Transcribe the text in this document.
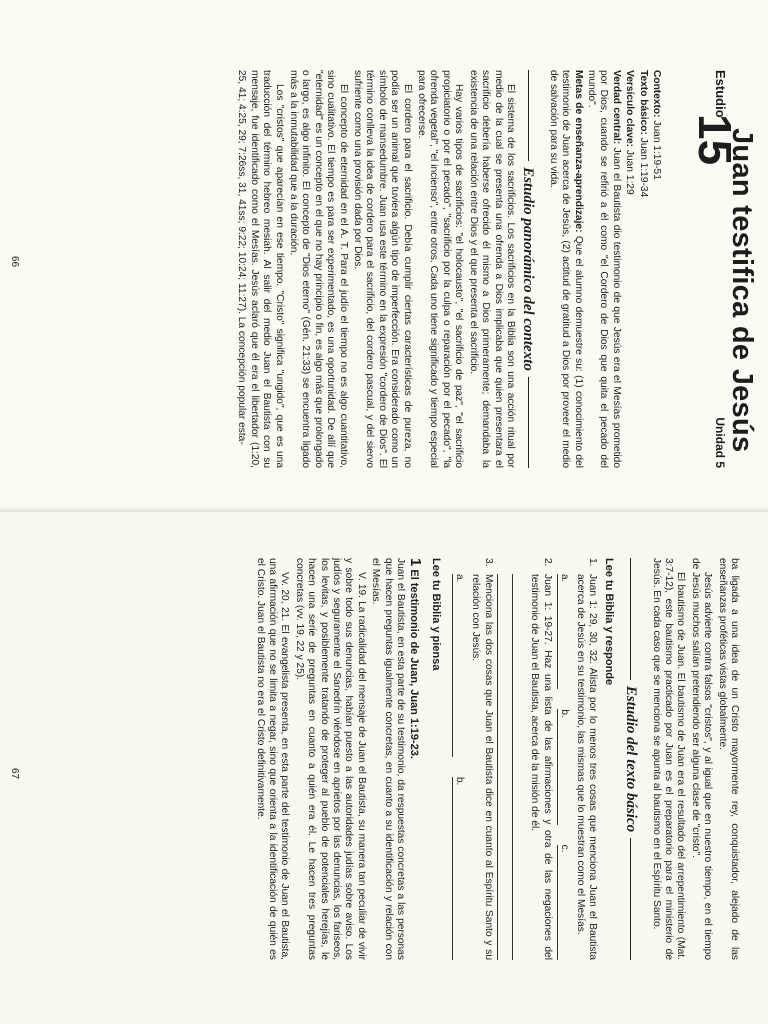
Estudio
15
Unidad 5 Juan testifica de Jesús

Contexto: Juan 1:19-51

Texto básico: Juan 1:19-34

Versículo clave: Juan 1:29

Verdad central: Juan el Bautista dio testimonio de que Jesús era el Mesías prometido por Dios, cuando se refirió a él como "el Cordero de Dios que quita el pecado del mundo".

Metas de enseñanza-aprendizaje: Que el alumno demuestre su: (1) conocimiento del testimonio de Juan acerca de Jesús, (2) actitud de gratitud a Dios por proveer el medio de salvación para su vida.

Estudio panorámico del contexto

El sistema de los sacrificios. Los sacrificios en la Biblia son una acción ritual por medio de la cual se presenta una ofrenda a Dios implicaba que quien presentara el sacrificio debería haberse ofrecido él mismo a Dios primeramente; demandaba la existencia de una relación entre Dios y el que presenta el sacrificio.

Hay varios tipos de sacrificios: "el holocausto", "el sacrificio de paz", "el sacrificio propiciatorio o por el pecado", "sacrificio por la culpa o reparación por el pecado", "la ofrenda vegetal", "el incienso", entre otros. Cada uno tiene significado y tiempo especial para ofrecerse.

El cordero para el sacrificio. Debía cumplir ciertas características de pureza, no podía ser un animal que tuviera algún tipo de imperfección. Era considerado como un símbolo de mansedumbre. Juan usa este término en la expresión "cordero de Dios". El término conlleva la idea de cordero para el sacrificio, del cordero pascual, y del siervo sufriente como una provisión dada por Dios.

El concepto de eternidad en el A. T. Para el judío el tiempo no es algo cuantitativo, sino cualitativo. El tiempo es para ser experimentado, es una oportunidad. De allí que "eternidad" es un concepto en el que no hay principio o fin, es algo más que prolongado o largo, es algo infinito. El concepto de "Dios eterno" (Gén. 21:33) se encuentra ligado más a la inmutabilidad que a la duración.

Los "cristos" que aparecían en ese tiempo. "Cristo" significa "ungido", que es una traducción del término hebreo mesiah. Al salir del medio Juan el Bautista con su mensaje, fue identificado como el Mesías. Jesús aclaró que él era el libertador (1:20, 25, 41; 4:25, 29; 7:26ss, 31, 41ss; 9:22; 10:24; 11:27). La concepción popular esta-

66

ba ligada a una idea de un Cristo mayormente rey, conquistador, alejado de las enseñanzas proféticas vistas globalmente.

Jesús advierte contra falsos "cristos", y al igual que en nuestro tiempo, en el tiempo de Jesús muchos salían pretendiendo ser alguna clase de "cristo".

El bautismo de Juan. El bautismo de Juan era el resultado del arrepentimiento (Mat. 3:7-12), este bautismo practicado por Juan es el preparatorio para el ministerio de Jesús. En cada caso que se menciona se apunta al bautismo en el Espíritu Santo.

Estudio del texto básico
Lee tu Biblia y responde
1.
Juan 1: 29, 30, 32. Alista por lo menos tres cosas que menciona Juan el Bautista acerca de Jesús en su testimonio, las mismas que lo muestran como el Mesías.
a.
b.
c.
2.
Juan 1: 19-27. Haz una lista de las afirmaciones y otra de las negaciones del testimonio de Juan el Bautista, acerca de la misión de él.
3.
Menciona las dos cosas que Juan el Bautista dice en cuanto al Espíritu Santo y su relación con Jesús.
a.
b.
Lee tu Biblia y piensa
1 El testimonio de Juan, Juan 1:19-23.

Juan el Bautista, en esta parte de su testimonio, da respuestas concretas a las personas que hacen preguntas igualmente concretas, en cuanto a su identificación y relación con el Mesías.

V. 19. La radicalidad del mensaje de Juan el Bautista, su manera tan peculiar de vivir y sobre todo sus denuncias, habían puesto a las autoridades judías sobre aviso. Los judíos y seguramente el Sanedrín viéndose en aprietos por las denuncias, los fariseos, los levitas, y posiblemente tratando de proteger al pueblo de potenciales herejías, le hacen una serie de preguntas en cuanto a quién era él. Le hacen tres preguntas concretas (vv. 19, 22 y 25).

Vv. 20, 21. El evangelista presenta, en esta parte del testimonio de Juan el Bautista, una afirmación que no se limita a negar, sino que orienta a la identificación de quién es el Cristo. Juan el Bautista no era el Cristo definitivamente.

67
